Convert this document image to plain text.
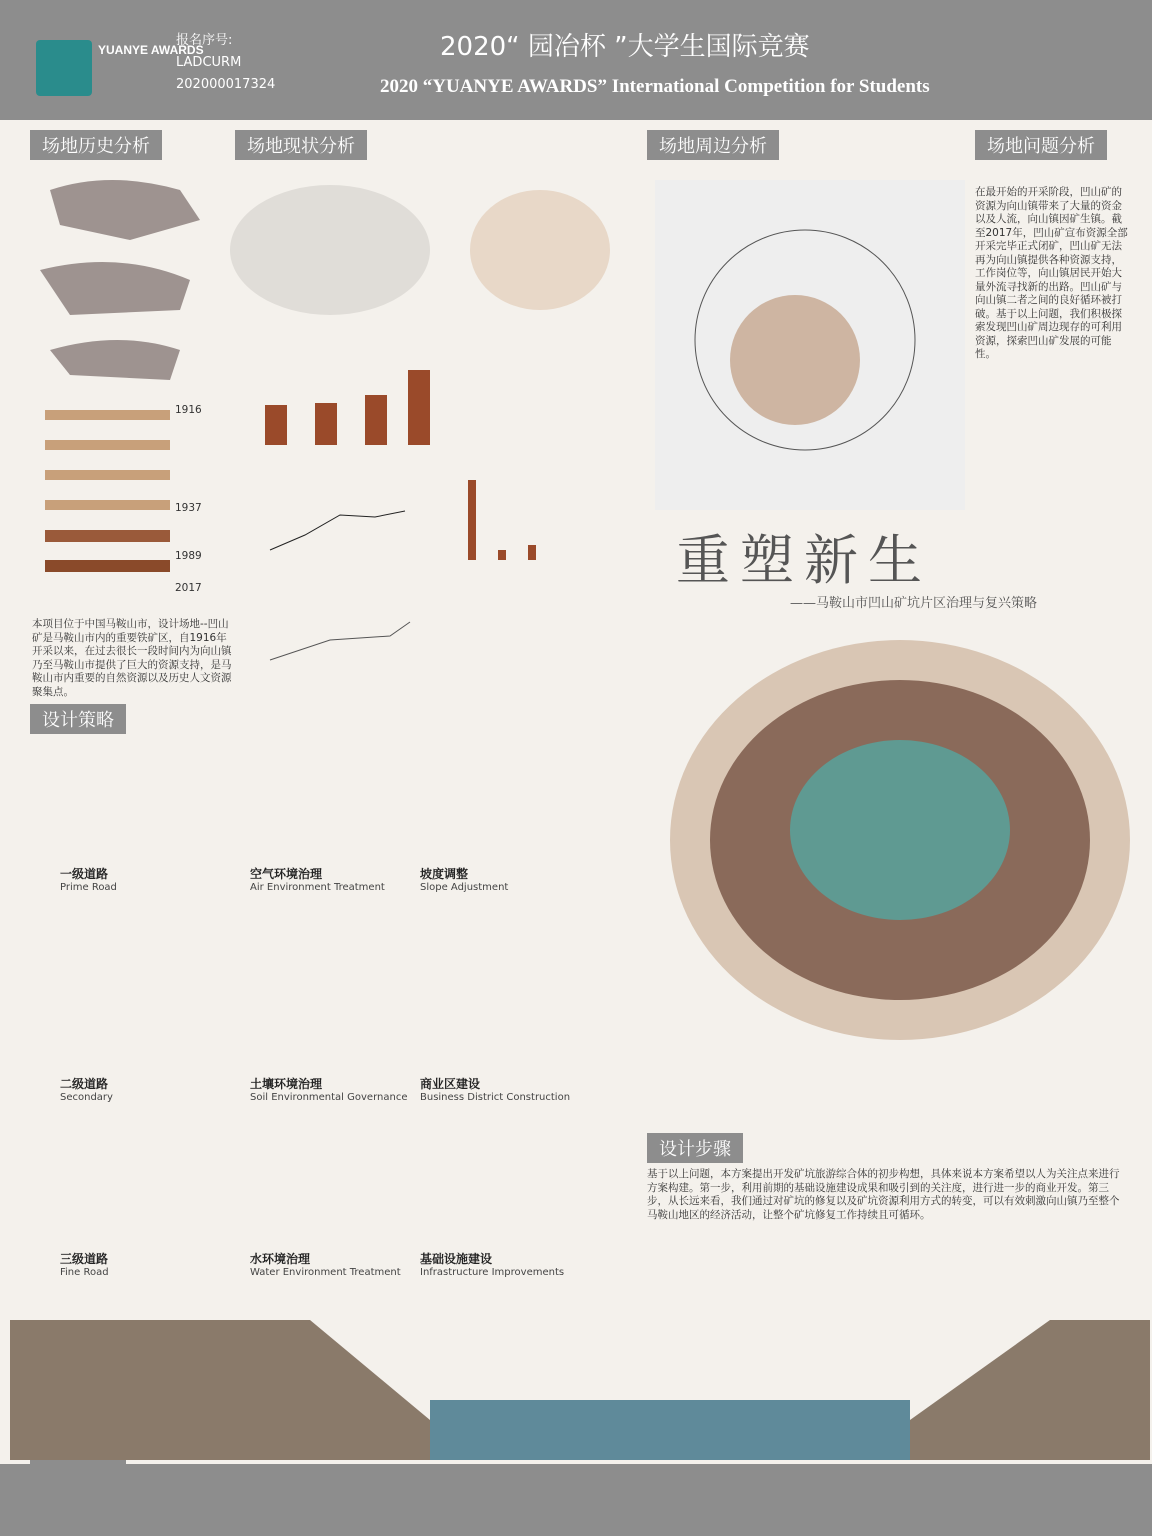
YUANYE AWARDS
报名序号:
LADCURM
202000017324
2020“ 园冶杯 ”大学生国际竞赛
2020 “YUANYE AWARDS” International Competition for Students
场地历史分析	场地现状分析	场地周边分析	场地问题分析
设计策略
设计步骤
1916
1937
1989
2017
本项目位于中国马鞍山市，设计场地--凹山矿是马鞍山市内的重要铁矿区，自1916年开采以来，在过去很长一段时间内为向山镇乃至马鞍山市提供了巨大的资源支持，是马鞍山市内重要的自然资源以及历史人文资源聚集点。
在最开始的开采阶段，凹山矿的资源为向山镇带来了大量的资金以及人流，向山镇因矿生镇。截至2017年，凹山矿宣布资源全部开采完毕正式闭矿，凹山矿无法再为向山镇提供各种资源支持，工作岗位等，向山镇居民开始大量外流寻找新的出路。凹山矿与向山镇二者之间的良好循环被打破。基于以上问题，我们积极探索发现凹山矿周边现存的可利用资源，探索凹山矿发展的可能性。
重塑新生
——马鞍山市凹山矿坑片区治理与复兴策略
一级道路
Prime Road
空气环境治理
Air Environment Treatment
坡度调整
Slope Adjustment
二级道路
Secondary
土壤环境治理
Soil Environmental Governance
商业区建设
Business District Construction
三级道路
Fine Road
水环境治理
Water Environment Treatment
基础设施建设
Infrastructure Improvements
基于以上问题，本方案提出开发矿坑旅游综合体的初步构想，具体来说本方案希望以人为关注点来进行方案构建。第一步，利用前期的基础设施建设成果和吸引到的关注度，进行进一步的商业开发。第三步，从长远来看，我们通过对矿坑的修复以及矿坑资源利用方式的转变，可以有效刺激向山镇乃至整个马鞍山地区的经济活动，让整个矿坑修复工作持续且可循环。
